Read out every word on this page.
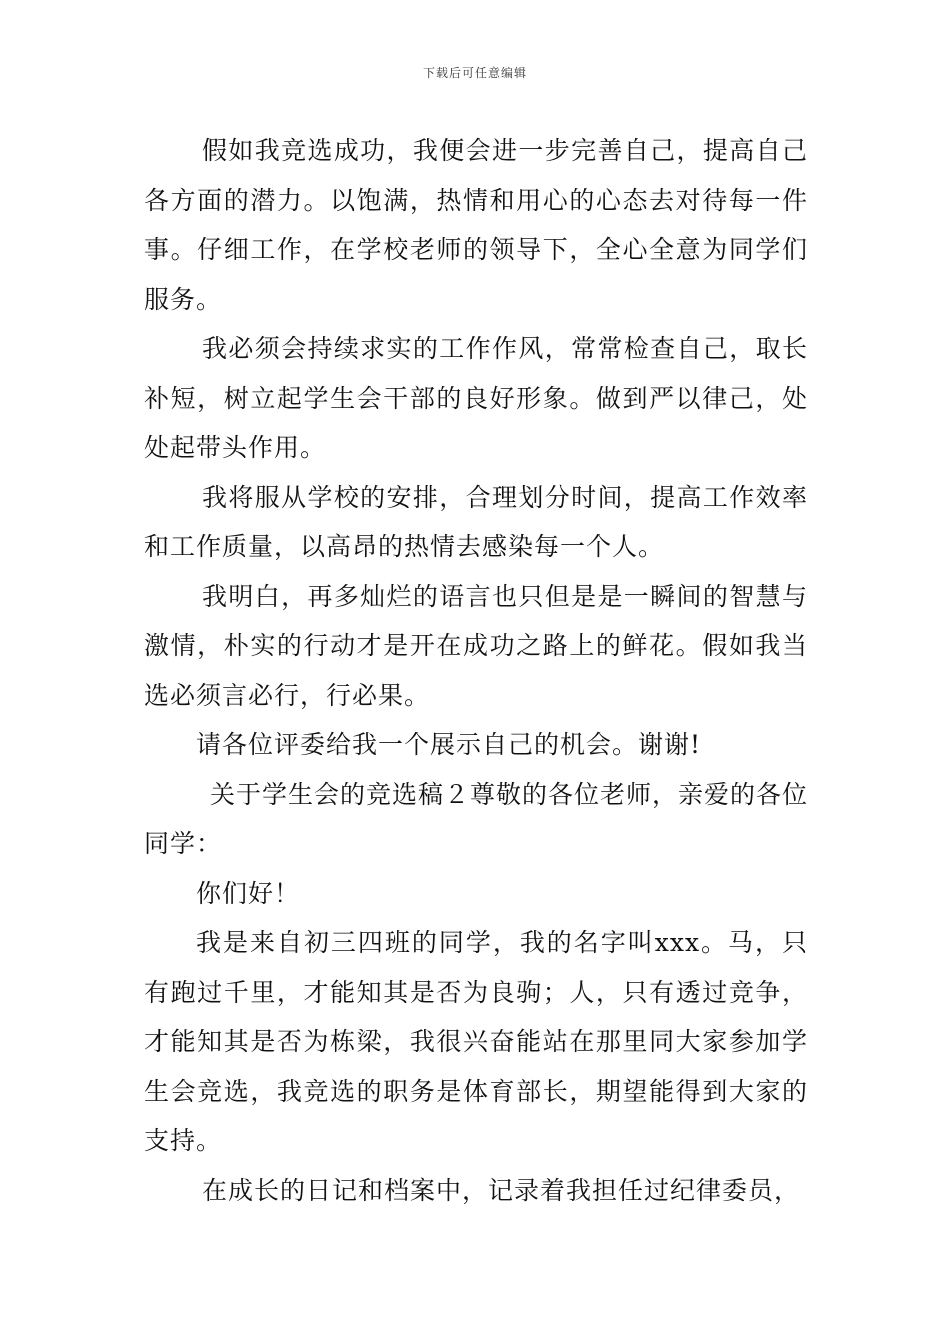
下载后可任意编辑

假如我竞选成功，我便会进一步完善自己，提高自己各方面的潜力。以饱满，热情和用心的心态去对待每一件事。仔细工作，在学校老师的领导下，全心全意为同学们服务。

我必须会持续求实的工作作风，常常检查自己，取长补短，树立起学生会干部的良好形象。做到严以律己，处处起带头作用。

我将服从学校的安排，合理划分时间，提高工作效率和工作质量，以高昂的热情去感染每一个人。

我明白，再多灿烂的语言也只但是是一瞬间的智慧与激情，朴实的行动才是开在成功之路上的鲜花。假如我当选必须言必行，行必果。

请各位评委给我一个展示自己的机会。谢谢!

关于学生会的竞选稿２尊敬的各位老师，亲爱的各位同学：

你们好！

我是来自初三四班的同学，我的名字叫xxx。马，只有跑过千里，才能知其是否为良驹；人，只有透过竞争，才能知其是否为栋梁，我很兴奋能站在那里同大家参加学生会竞选，我竞选的职务是体育部长，期望能得到大家的支持。

在成长的日记和档案中，记录着我担任过纪律委员，
